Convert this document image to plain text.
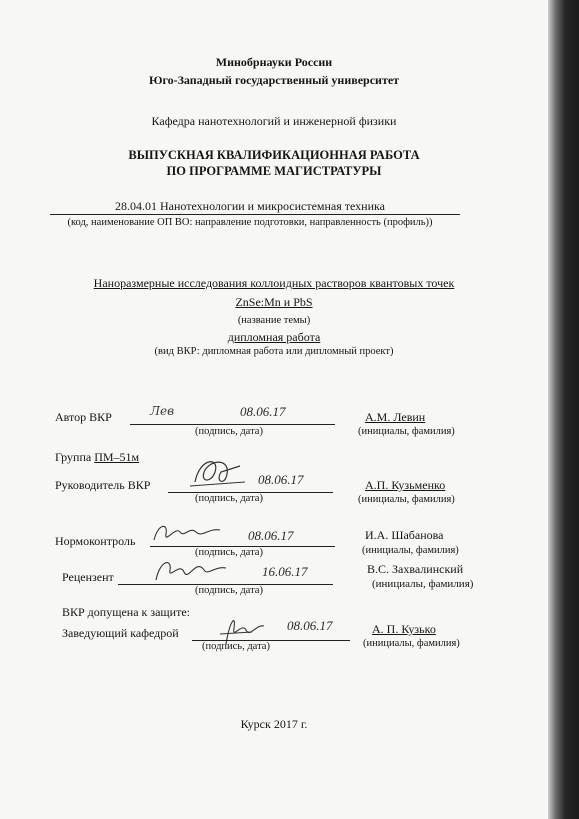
Минобрнауки России
Юго-Западный государственный университет
Кафедра нанотехнологий и инженерной физики
ВЫПУСКНАЯ КВАЛИФИКАЦИОННАЯ РАБОТА
ПО ПРОГРАММЕ МАГИСТРАТУРЫ
28.04.01 Нанотехнологии и микросистемная техника
(код, наименование ОП ВО: направление подготовки, направленность (профиль))
Наноразмерные исследования коллоидных растворов квантовых точек
ZnSe:Mn и PbS
(название темы)
дипломная работа
(вид ВКР: дипломная работа или дипломный проект)
Автор ВКР	Лев	08.06.17
(подпись, дата)
А.М. Левин
(инициалы, фамилия)
Группа ПМ–51м
Руководитель ВКР	08.06.17
(подпись, дата)
А.П. Кузьменко
(инициалы, фамилия)
Нормоконтроль	08.06.17
(подпись, дата)
И.А. Шабанова
(инициалы, фамилия)
Рецензент	16.06.17
(подпись, дата)
В.С. Захвалинский
(инициалы, фамилия)
ВКР допущена к защите:
Заведующий кафедрой	08.06.17
(подпись, дата)
А. П. Кузько
(инициалы, фамилия)
Курск 2017 г.
